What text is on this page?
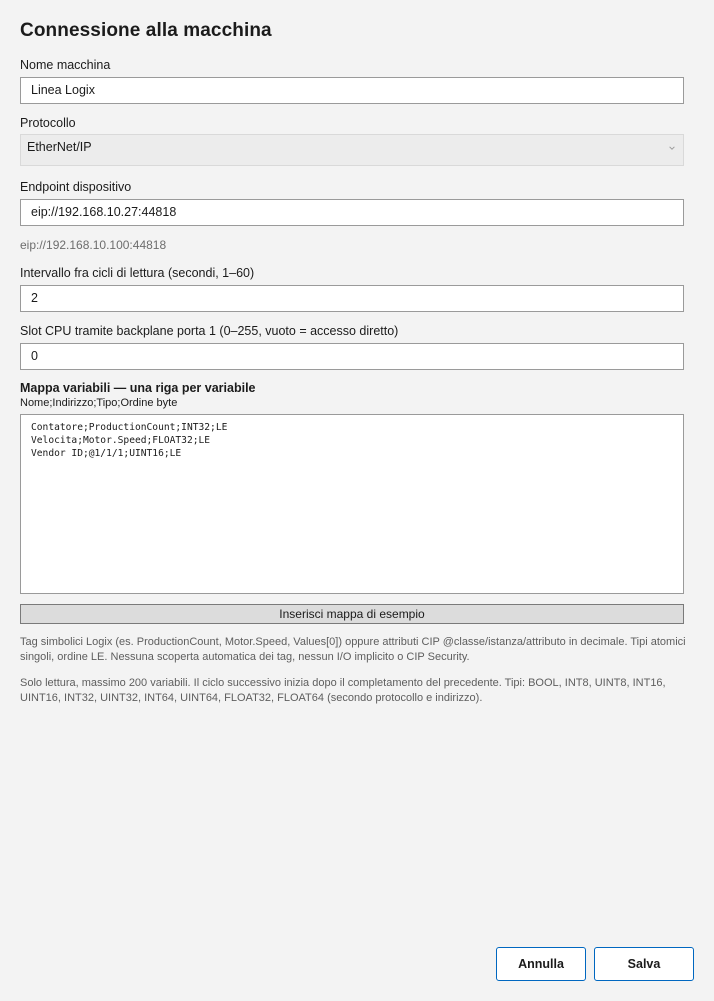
Connessione alla macchina
Nome macchina
Linea Logix
Protocollo
EtherNet/IP
Endpoint dispositivo
eip://192.168.10.27:44818
eip://192.168.10.100:44818
Intervallo fra cicli di lettura (secondi, 1–60)
2
Slot CPU tramite backplane porta 1 (0–255, vuoto = accesso diretto)
0
Mappa variabili — una riga per variabile
Nome;Indirizzo;Tipo;Ordine byte
Contatore;ProductionCount;INT32;LE
Velocita;Motor.Speed;FLOAT32;LE
Vendor ID;@1/1/1;UINT16;LE
Inserisci mappa di esempio
Tag simbolici Logix (es. ProductionCount, Motor.Speed, Values[0]) oppure attributi CIP @classe/istanza/attributo in decimale. Tipi atomici singoli, ordine LE. Nessuna scoperta automatica dei tag, nessun I/O implicito o CIP Security.
Solo lettura, massimo 200 variabili. Il ciclo successivo inizia dopo il completamento del precedente. Tipi: BOOL, INT8, UINT8, INT16, UINT16, INT32, UINT32, INT64, UINT64, FLOAT32, FLOAT64 (secondo protocollo e indirizzo).
Annulla	Salva
